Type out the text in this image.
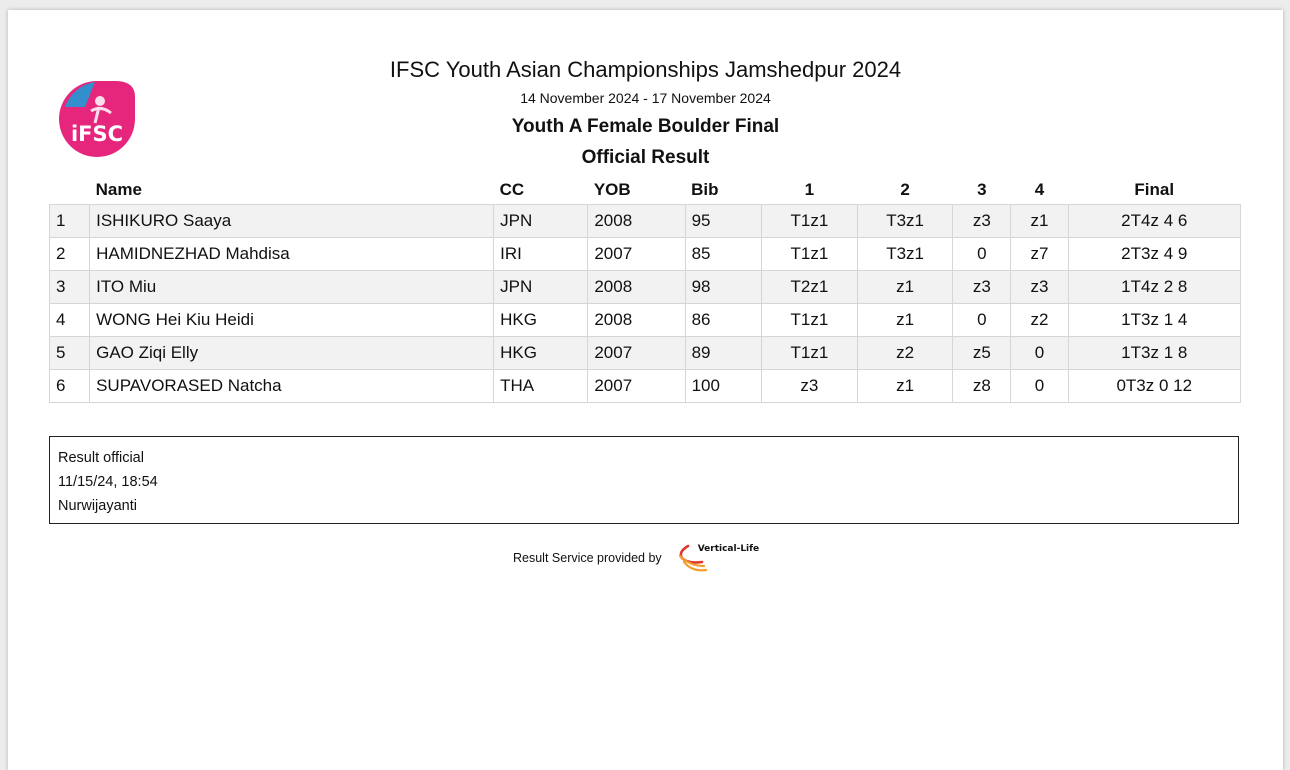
iFSC
IFSC Youth Asian Championships Jamshedpur 2024
14 November 2024 - 17 November 2024
Youth A Female Boulder Final
Official Result
	Name	CC	YOB	Bib	1	2	3	4	Final
1	ISHIKURO Saaya	JPN	2008	95	T1z1	T3z1	z3	z1	2T4z 4 6
2	HAMIDNEZHAD Mahdisa	IRI	2007	85	T1z1	T3z1	0	z7	2T3z 4 9
3	ITO Miu	JPN	2008	98	T2z1	z1	z3	z3	1T4z 2 8
4	WONG Hei Kiu Heidi	HKG	2008	86	T1z1	z1	0	z2	1T3z 1 4
5	GAO Ziqi Elly	HKG	2007	89	T1z1	z2	z5	0	1T3z 1 8
6	SUPAVORASED Natcha	THA	2007	100	z3	z1	z8	0	0T3z 0 12
Result official
11/15/24, 18:54
Nurwijayanti
Result Service provided by
Vertical-Life
